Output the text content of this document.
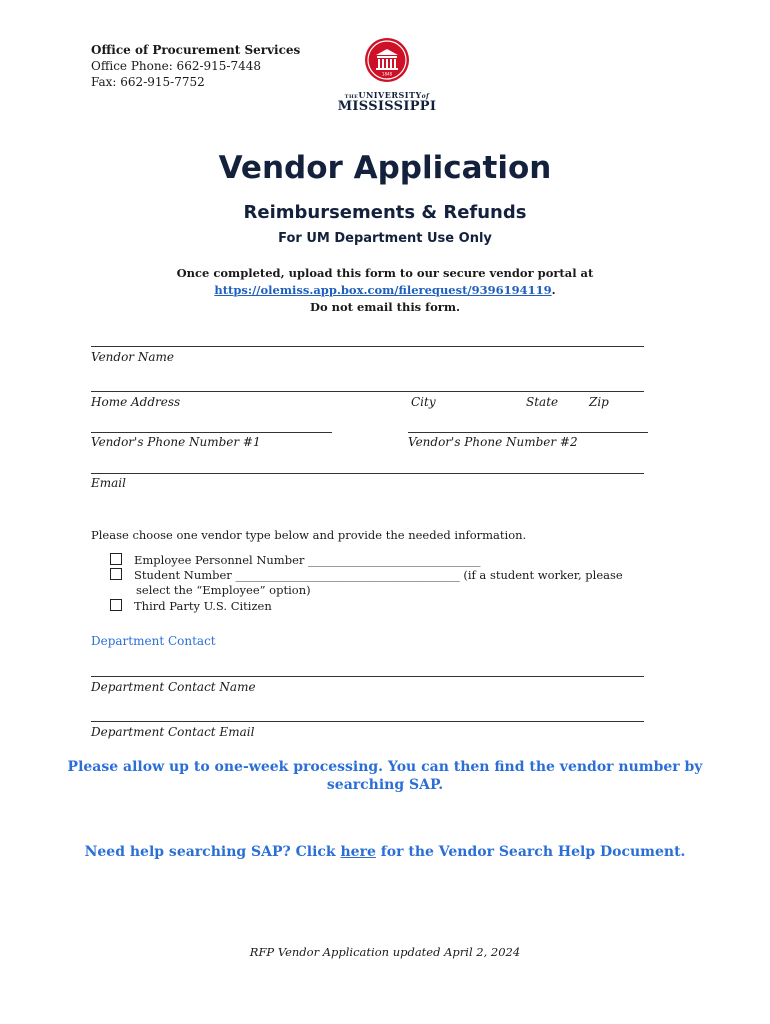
Office of Procurement Services
Office Phone: 662-915-7448
Fax: 662-915-7752
1848
THEUNIVERSITYof
MISSISSIPPI
Vendor Application
Reimbursements & Refunds
For UM Department Use Only
Once completed, upload this form to our secure vendor portal at
https://olemiss.app.box.com/filerequest/9396194119.
Do not email this form.
Vendor Name
Home Address	City	State	Zip
Vendor's Phone Number #1	Vendor's Phone Number #2
Email
Please choose one vendor type below and provide the needed information.
Employee Personnel Number ______________________________
Student Number _______________________________________ (if a student worker, please
select the “Employee” option)
Third Party U.S. Citizen
Department Contact
Department Contact Name
Department Contact Email
Please allow up to one-week processing. You can then find the vendor number by
searching SAP.
Need help searching SAP? Click here for the Vendor Search Help Document.
RFP Vendor Application updated April 2, 2024
